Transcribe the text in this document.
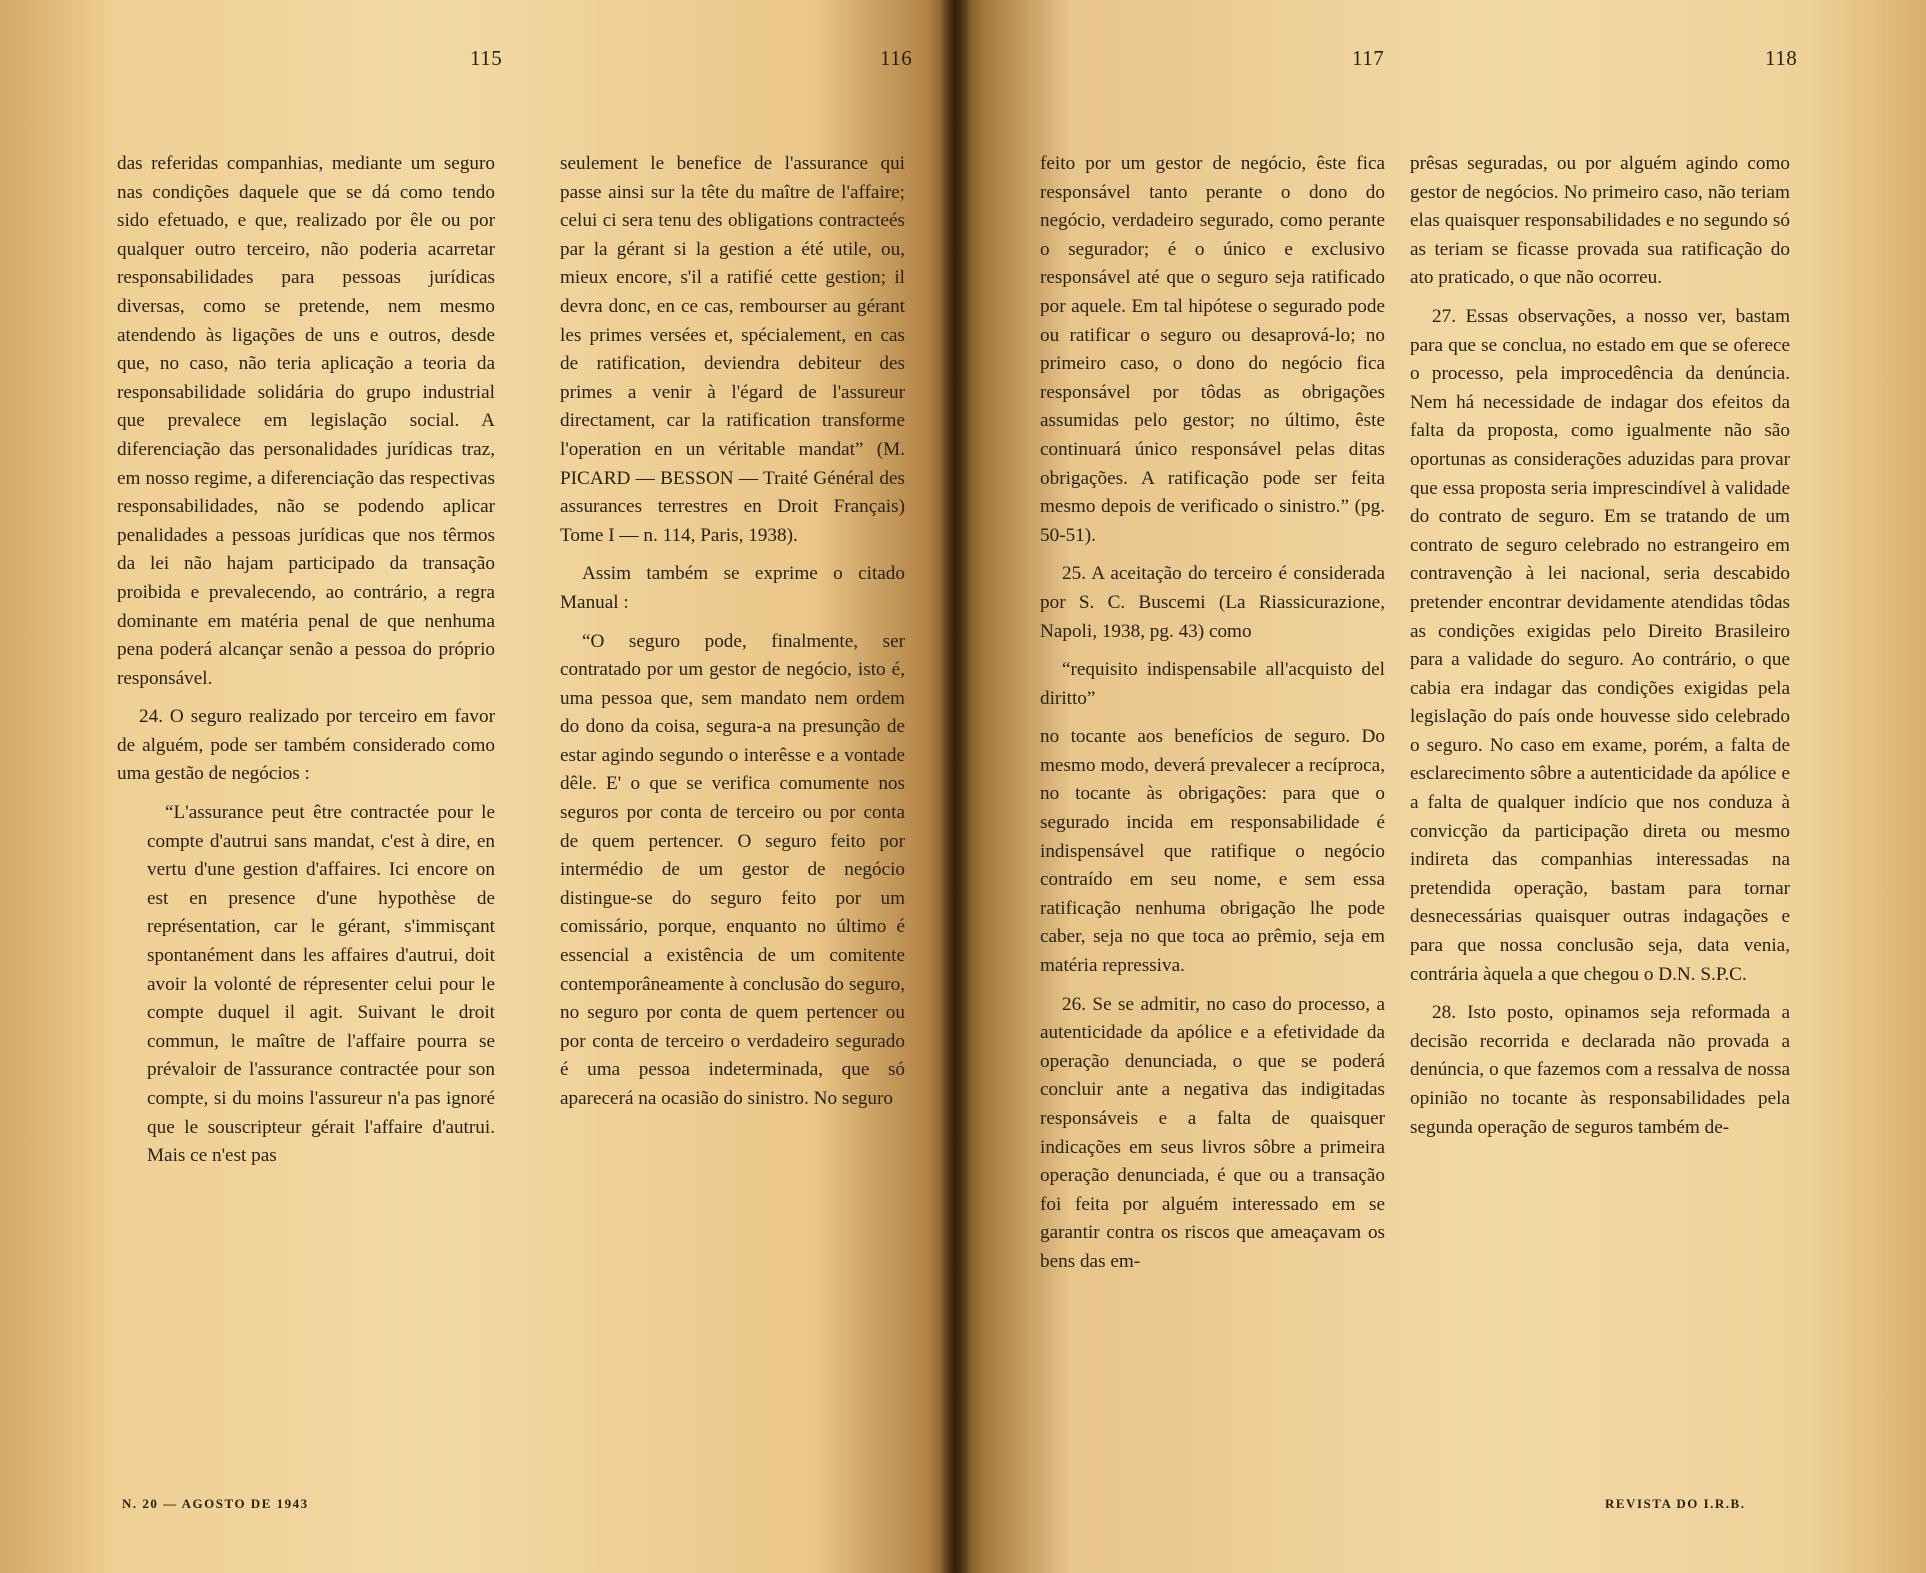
115	116	117	118

das referidas companhias, mediante um seguro nas condições daquele que se dá como tendo sido efetuado, e que, realizado por êle ou por qualquer outro terceiro, não poderia acarretar responsabilidades para pessoas jurídicas diversas, como se pretende, nem mesmo atendendo às ligações de uns e outros, desde que, no caso, não teria aplicação a teoria da responsabilidade solidária do grupo industrial que prevalece em legislação social. A diferenciação das personalidades jurídicas traz, em nosso regime, a diferenciação das respectivas responsabilidades, não se podendo aplicar penalidades a pessoas jurídicas que nos têrmos da lei não hajam participado da transação proibida e prevalecendo, ao contrário, a regra dominante em matéria penal de que nenhuma pena poderá alcançar senão a pessoa do próprio responsável.

24. O seguro realizado por terceiro em favor de alguém, pode ser também considerado como uma gestão de negócios :

“L'assurance peut être contractée pour le compte d'autrui sans mandat, c'est à dire, en vertu d'une gestion d'affaires. Ici encore on est en presence d'une hypothèse de représentation, car le gérant, s'immisçant spontanément dans les affaires d'autrui, doit avoir la volonté de répresenter celui pour le compte duquel il agit. Suivant le droit commun, le maître de l'affaire pourra se prévaloir de l'assurance contractée pour son compte, si du moins l'assureur n'a pas ignoré que le souscripteur gérait l'affaire d'autrui. Mais ce n'est pas

seulement le benefice de l'assurance qui passe ainsi sur la tête du maître de l'affaire; celui ci sera tenu des obligations contracteés par la gérant si la gestion a été utile, ou, mieux encore, s'il a ratifié cette gestion; il devra donc, en ce cas, rembourser au gérant les primes versées et, spécialement, en cas de ratification, deviendra debiteur des primes a venir à l'égard de l'assureur directament, car la ratification transforme l'operation en un véritable mandat” (M. PICARD — BESSON — Traité Général des assurances terrestres en Droit Français) Tome I — n. 114, Paris, 1938).

Assim também se exprime o citado Manual :

“O seguro pode, finalmente, ser contratado por um gestor de negócio, isto é, uma pessoa que, sem mandato nem ordem do dono da coisa, segura-a na presunção de estar agindo segundo o interêsse e a vontade dêle. E' o que se verifica comumente nos seguros por conta de terceiro ou por conta de quem pertencer. O seguro feito por intermédio de um gestor de negócio distingue-se do seguro feito por um comissário, porque, enquanto no último é essencial a existência de um comitente contemporâneamente à conclusão do seguro, no seguro por conta de quem pertencer ou por conta de terceiro o verdadeiro segurado é uma pessoa indeterminada, que só aparecerá na ocasião do sinistro. No seguro

feito por um gestor de negócio, êste fica responsável tanto perante o dono do negócio, verdadeiro segurado, como perante o segurador; é o único e exclusivo responsável até que o seguro seja ratificado por aquele. Em tal hipótese o segurado pode ou ratificar o seguro ou desaprová-lo; no primeiro caso, o dono do negócio fica responsável por tôdas as obrigações assumidas pelo gestor; no último, êste continuará único responsável pelas ditas obrigações. A ratificação pode ser feita mesmo depois de verificado o sinistro.” (pg. 50-51).

25. A aceitação do terceiro é considerada por S. C. Buscemi (La Riassicurazione, Napoli, 1938, pg. 43) como

“requisito indispensabile all'acquisto del diritto”

no tocante aos benefícios de seguro. Do mesmo modo, deverá prevalecer a recíproca, no tocante às obrigações: para que o segurado incida em responsabilidade é indispensável que ratifique o negócio contraído em seu nome, e sem essa ratificação nenhuma obrigação lhe pode caber, seja no que toca ao prêmio, seja em matéria repressiva.

26. Se se admitir, no caso do processo, a autenticidade da apólice e a efetividade da operação denunciada, o que se poderá concluir ante a negativa das indigitadas responsáveis e a falta de quaisquer indicações em seus livros sôbre a primeira operação denunciada, é que ou a transação foi feita por alguém interessado em se garantir contra os riscos que ameaçavam os bens das em-

prêsas seguradas, ou por alguém agindo como gestor de negócios. No primeiro caso, não teriam elas quaisquer responsabilidades e no segundo só as teriam se ficasse provada sua ratificação do ato praticado, o que não ocorreu.

27. Essas observações, a nosso ver, bastam para que se conclua, no estado em que se oferece o processo, pela improcedência da denúncia. Nem há necessidade de indagar dos efeitos da falta da proposta, como igualmente não são oportunas as considerações aduzidas para provar que essa proposta seria imprescindível à validade do contrato de seguro. Em se tratando de um contrato de seguro celebrado no estrangeiro em contravenção à lei nacional, seria descabido pretender encontrar devidamente atendidas tôdas as condições exigidas pelo Direito Brasileiro para a validade do seguro. Ao contrário, o que cabia era indagar das condições exigidas pela legislação do país onde houvesse sido celebrado o seguro. No caso em exame, porém, a falta de esclarecimento sôbre a autenticidade da apólice e a falta de qualquer indício que nos conduza à convicção da participação direta ou mesmo indireta das companhias interessadas na pretendida operação, bastam para tornar desnecessárias quaisquer outras indagações e para que nossa conclusão seja, data venia, contrária àquela a que chegou o D.N. S.P.C.

28. Isto posto, opinamos seja reformada a decisão recorrida e declarada não provada a denúncia, o que fazemos com a ressalva de nossa opinião no tocante às responsabilidades pela segunda operação de seguros também de-

N. 20 — AGOSTO DE 1943	REVISTA DO I.R.B.
